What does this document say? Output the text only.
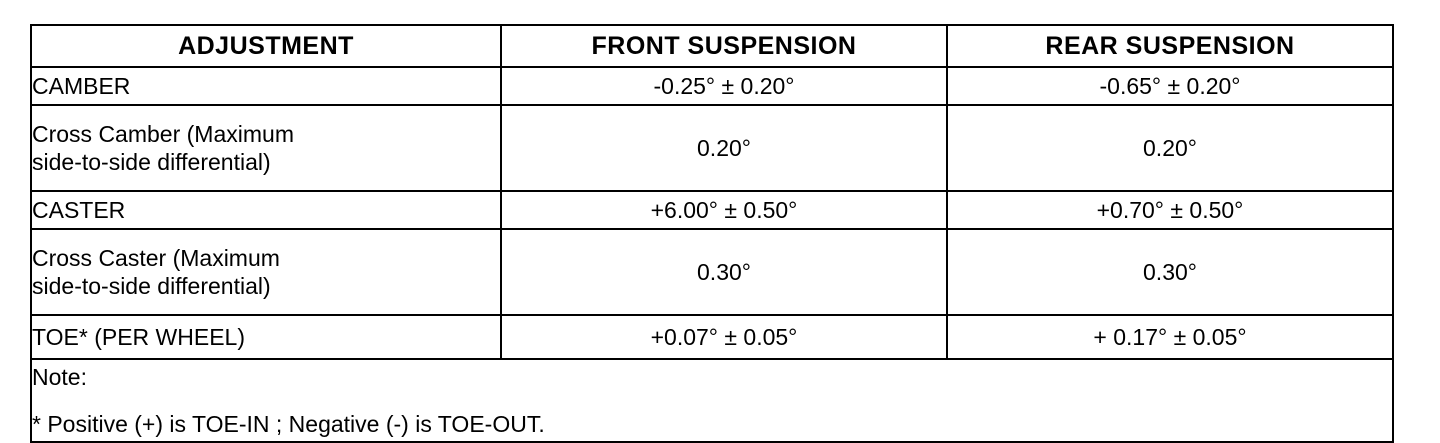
ADJUSTMENT	FRONT SUSPENSION	REAR SUSPENSION
CAMBER	-0.25° ± 0.20°	-0.65° ± 0.20°
Cross Camber (Maximum
side-to-side differential)	0.20°	0.20°
CASTER	+6.00° ± 0.50°	+0.70° ± 0.50°
Cross Caster (Maximum
side-to-side differential)	0.30°	0.30°
TOE* (PER WHEEL)	+0.07° ± 0.05°	+ 0.17° ± 0.05°

Note:
* Positive (+) is TOE-IN ; Negative (-) is TOE-OUT.		
